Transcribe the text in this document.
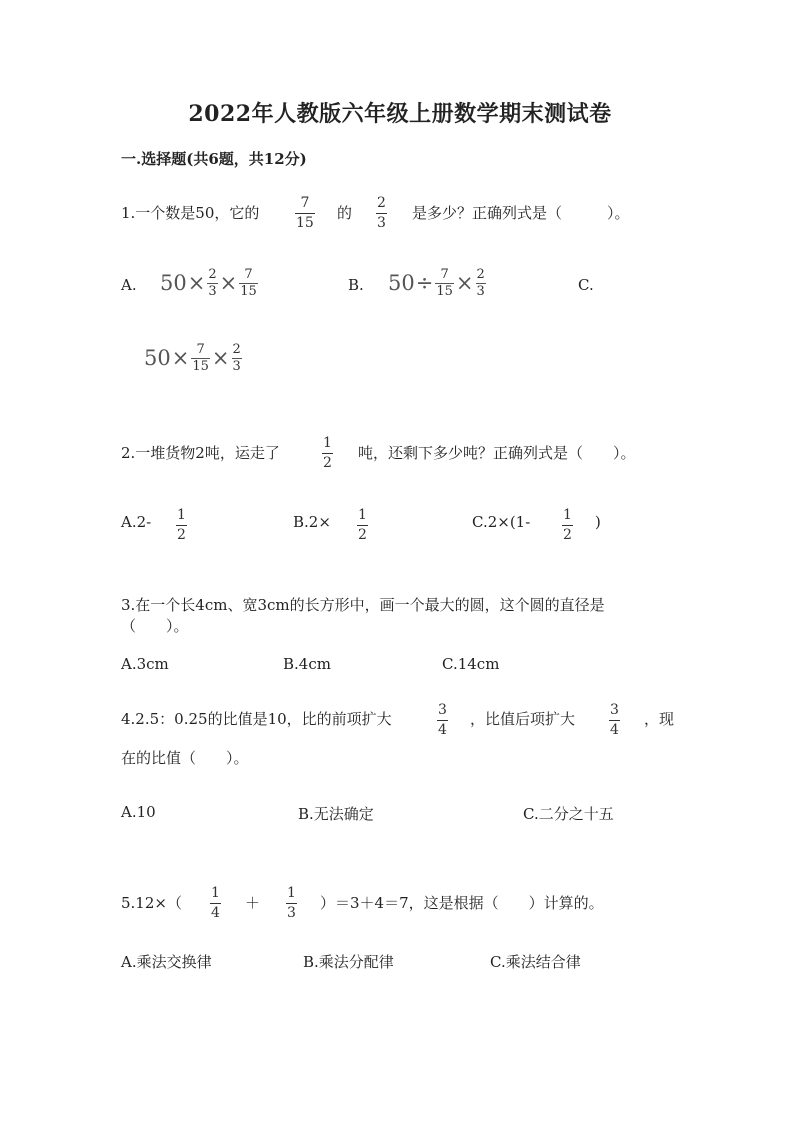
2022年人教版六年级上册数学期末测试卷
一.选择题(共6题，共12分)
1.一个数是50，它的
7
15
的
2
3
是多少？正确列式是（　　　）。
A. $50 \times \frac{2}{3} \times \frac{7}{15}$	B. $50 \div \frac{7}{15} \times \frac{2}{3}$	C.
$50 \times \frac{7}{15} \times \frac{2}{3}$
2.一堆货物2吨，运走了
1
2
吨，还剩下多少吨？正确列式是（　　）。
A.2- 1
2
B.2× 1
2
C.2×(1- 1
2
)
3.在一个长4cm、宽3cm的长方形中，画一个最大的圆，这个圆的直径是
（　　）。
A.3cm	B.4cm	C.14cm
4.2.5：0.25的比值是10，比的前项扩大	3
4
，比值后项扩大 3
4
，现
在的比值（　　）。
A.10	B.无法确定	C.二分之十五
5.12×（
1
4
＋
1
3
）＝3＋4＝7，这是根据（　　）计算的。
A.乘法交换律	B.乘法分配律	C.乘法结合律
